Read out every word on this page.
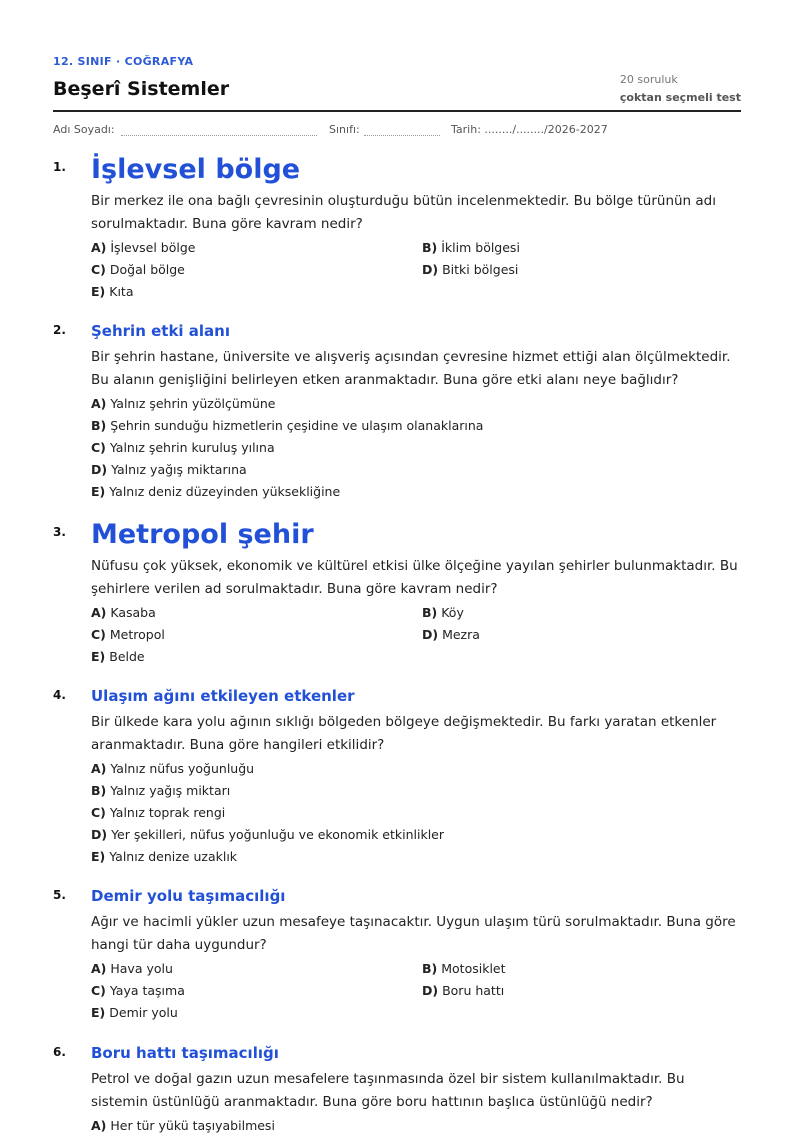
12. SINIF · COĞRAFYA
Beşerî Sistemler	20 soruluk
çoktan seçmeli test
Adı Soyadı:	Sınıfı:	Tarih: ......../......../2026-2027
1. İşlevsel bölge
Bir merkez ile ona bağlı çevresinin oluşturduğu bütün incelenmektedir. Bu bölge türünün adı sorulmaktadır. Buna göre kavram nedir?
A) İşlevsel bölge	B) İklim bölgesi
C) Doğal bölge	D) Bitki bölgesi
E) Kıta
2. Şehrin etki alanı
Bir şehrin hastane, üniversite ve alışveriş açısından çevresine hizmet ettiği alan ölçülmektedir. Bu alanın genişliğini belirleyen etken aranmaktadır. Buna göre etki alanı neye bağlıdır?
A) Yalnız şehrin yüzölçümüne
B) Şehrin sunduğu hizmetlerin çeşidine ve ulaşım olanaklarına
C) Yalnız şehrin kuruluş yılına
D) Yalnız yağış miktarına
E) Yalnız deniz düzeyinden yüksekliğine
3. Metropol şehir
Nüfusu çok yüksek, ekonomik ve kültürel etkisi ülke ölçeğine yayılan şehirler bulunmaktadır. Bu şehirlere verilen ad sorulmaktadır. Buna göre kavram nedir?
A) Kasaba	B) Köy
C) Metropol	D) Mezra
E) Belde
4. Ulaşım ağını etkileyen etkenler
Bir ülkede kara yolu ağının sıklığı bölgeden bölgeye değişmektedir. Bu farkı yaratan etkenler aranmaktadır. Buna göre hangileri etkilidir?
A) Yalnız nüfus yoğunluğu
B) Yalnız yağış miktarı
C) Yalnız toprak rengi
D) Yer şekilleri, nüfus yoğunluğu ve ekonomik etkinlikler
E) Yalnız denize uzaklık
5. Demir yolu taşımacılığı
Ağır ve hacimli yükler uzun mesafeye taşınacaktır. Uygun ulaşım türü sorulmaktadır. Buna göre hangi tür daha uygundur?
A) Hava yolu	B) Motosiklet
C) Yaya taşıma	D) Boru hattı
E) Demir yolu
6. Boru hattı taşımacılığı
Petrol ve doğal gazın uzun mesafelere taşınmasında özel bir sistem kullanılmaktadır. Bu sistemin üstünlüğü aranmaktadır. Buna göre boru hattının başlıca üstünlüğü nedir?
A) Her tür yükü taşıyabilmesi
